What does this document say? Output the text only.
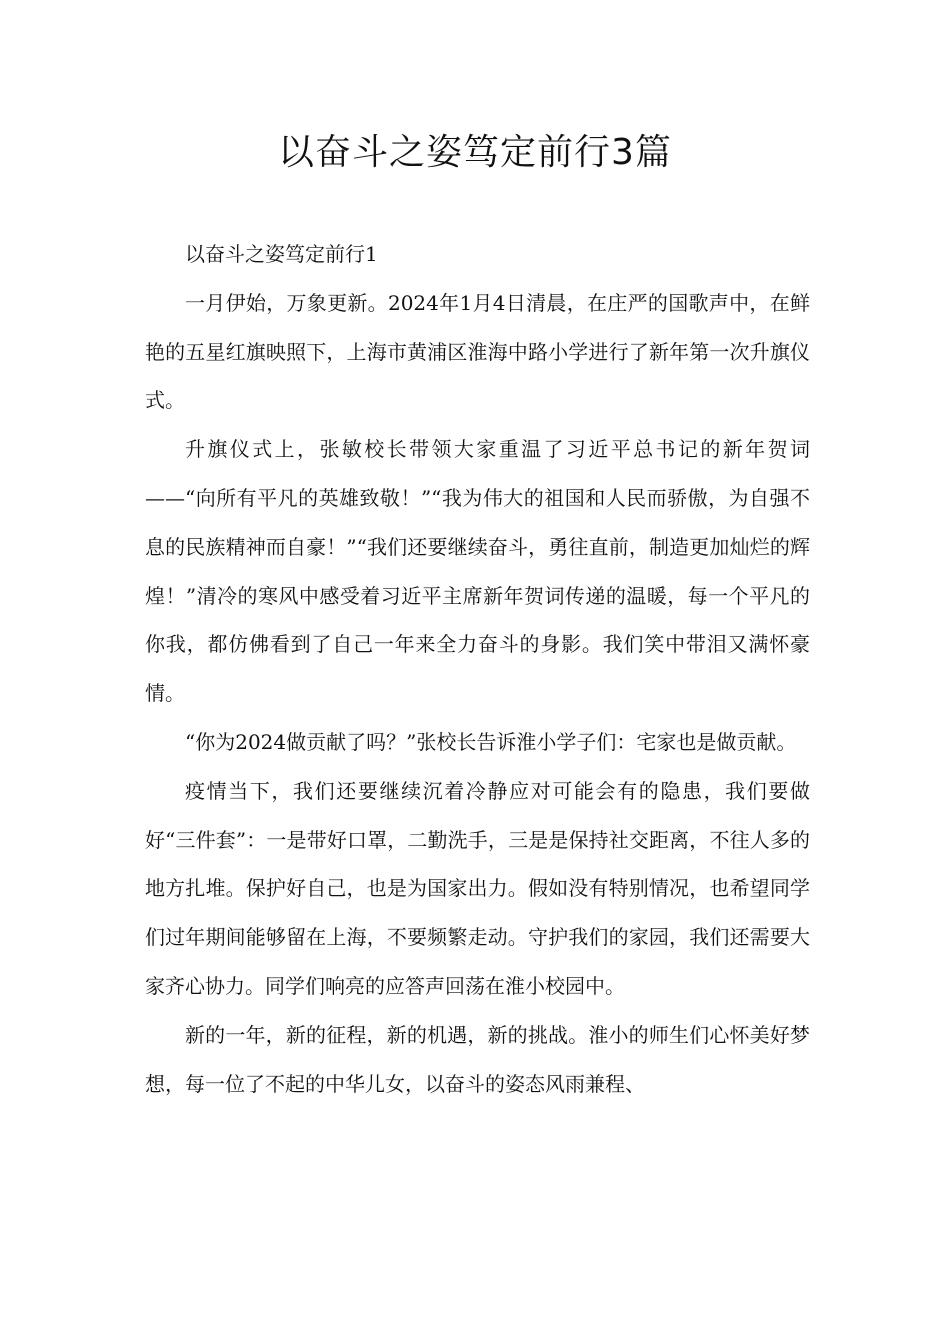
以奋斗之姿笃定前行3篇

以奋斗之姿笃定前行1

一月伊始，万象更新。2024年1月4日清晨，在庄严的国歌声中，在鲜艳的五星红旗映照下，上海市黄浦区淮海中路小学进行了新年第一次升旗仪式。

升旗仪式上，张敏校长带领大家重温了习近平总书记的新年贺词——“向所有平凡的英雄致敬！”“我为伟大的祖国和人民而骄傲，为自强不息的民族精神而自豪！”“我们还要继续奋斗，勇往直前，制造更加灿烂的辉煌！”清冷的寒风中感受着习近平主席新年贺词传递的温暖，每一个平凡的你我，都仿佛看到了自己一年来全力奋斗的身影。我们笑中带泪又满怀豪情。

“你为2024做贡献了吗？”张校长告诉淮小学子们：宅家也是做贡献。

疫情当下，我们还要继续沉着冷静应对可能会有的隐患，我们要做好“三件套”：一是带好口罩，二勤洗手，三是是保持社交距离，不往人多的地方扎堆。保护好自己，也是为国家出力。假如没有特别情况，也希望同学们过年期间能够留在上海，不要频繁走动。守护我们的家园，我们还需要大家齐心协力。同学们响亮的应答声回荡在淮小校园中。

新的一年，新的征程，新的机遇，新的挑战。淮小的师生们心怀美好梦想，每一位了不起的中华儿女，以奋斗的姿态风雨兼程、
